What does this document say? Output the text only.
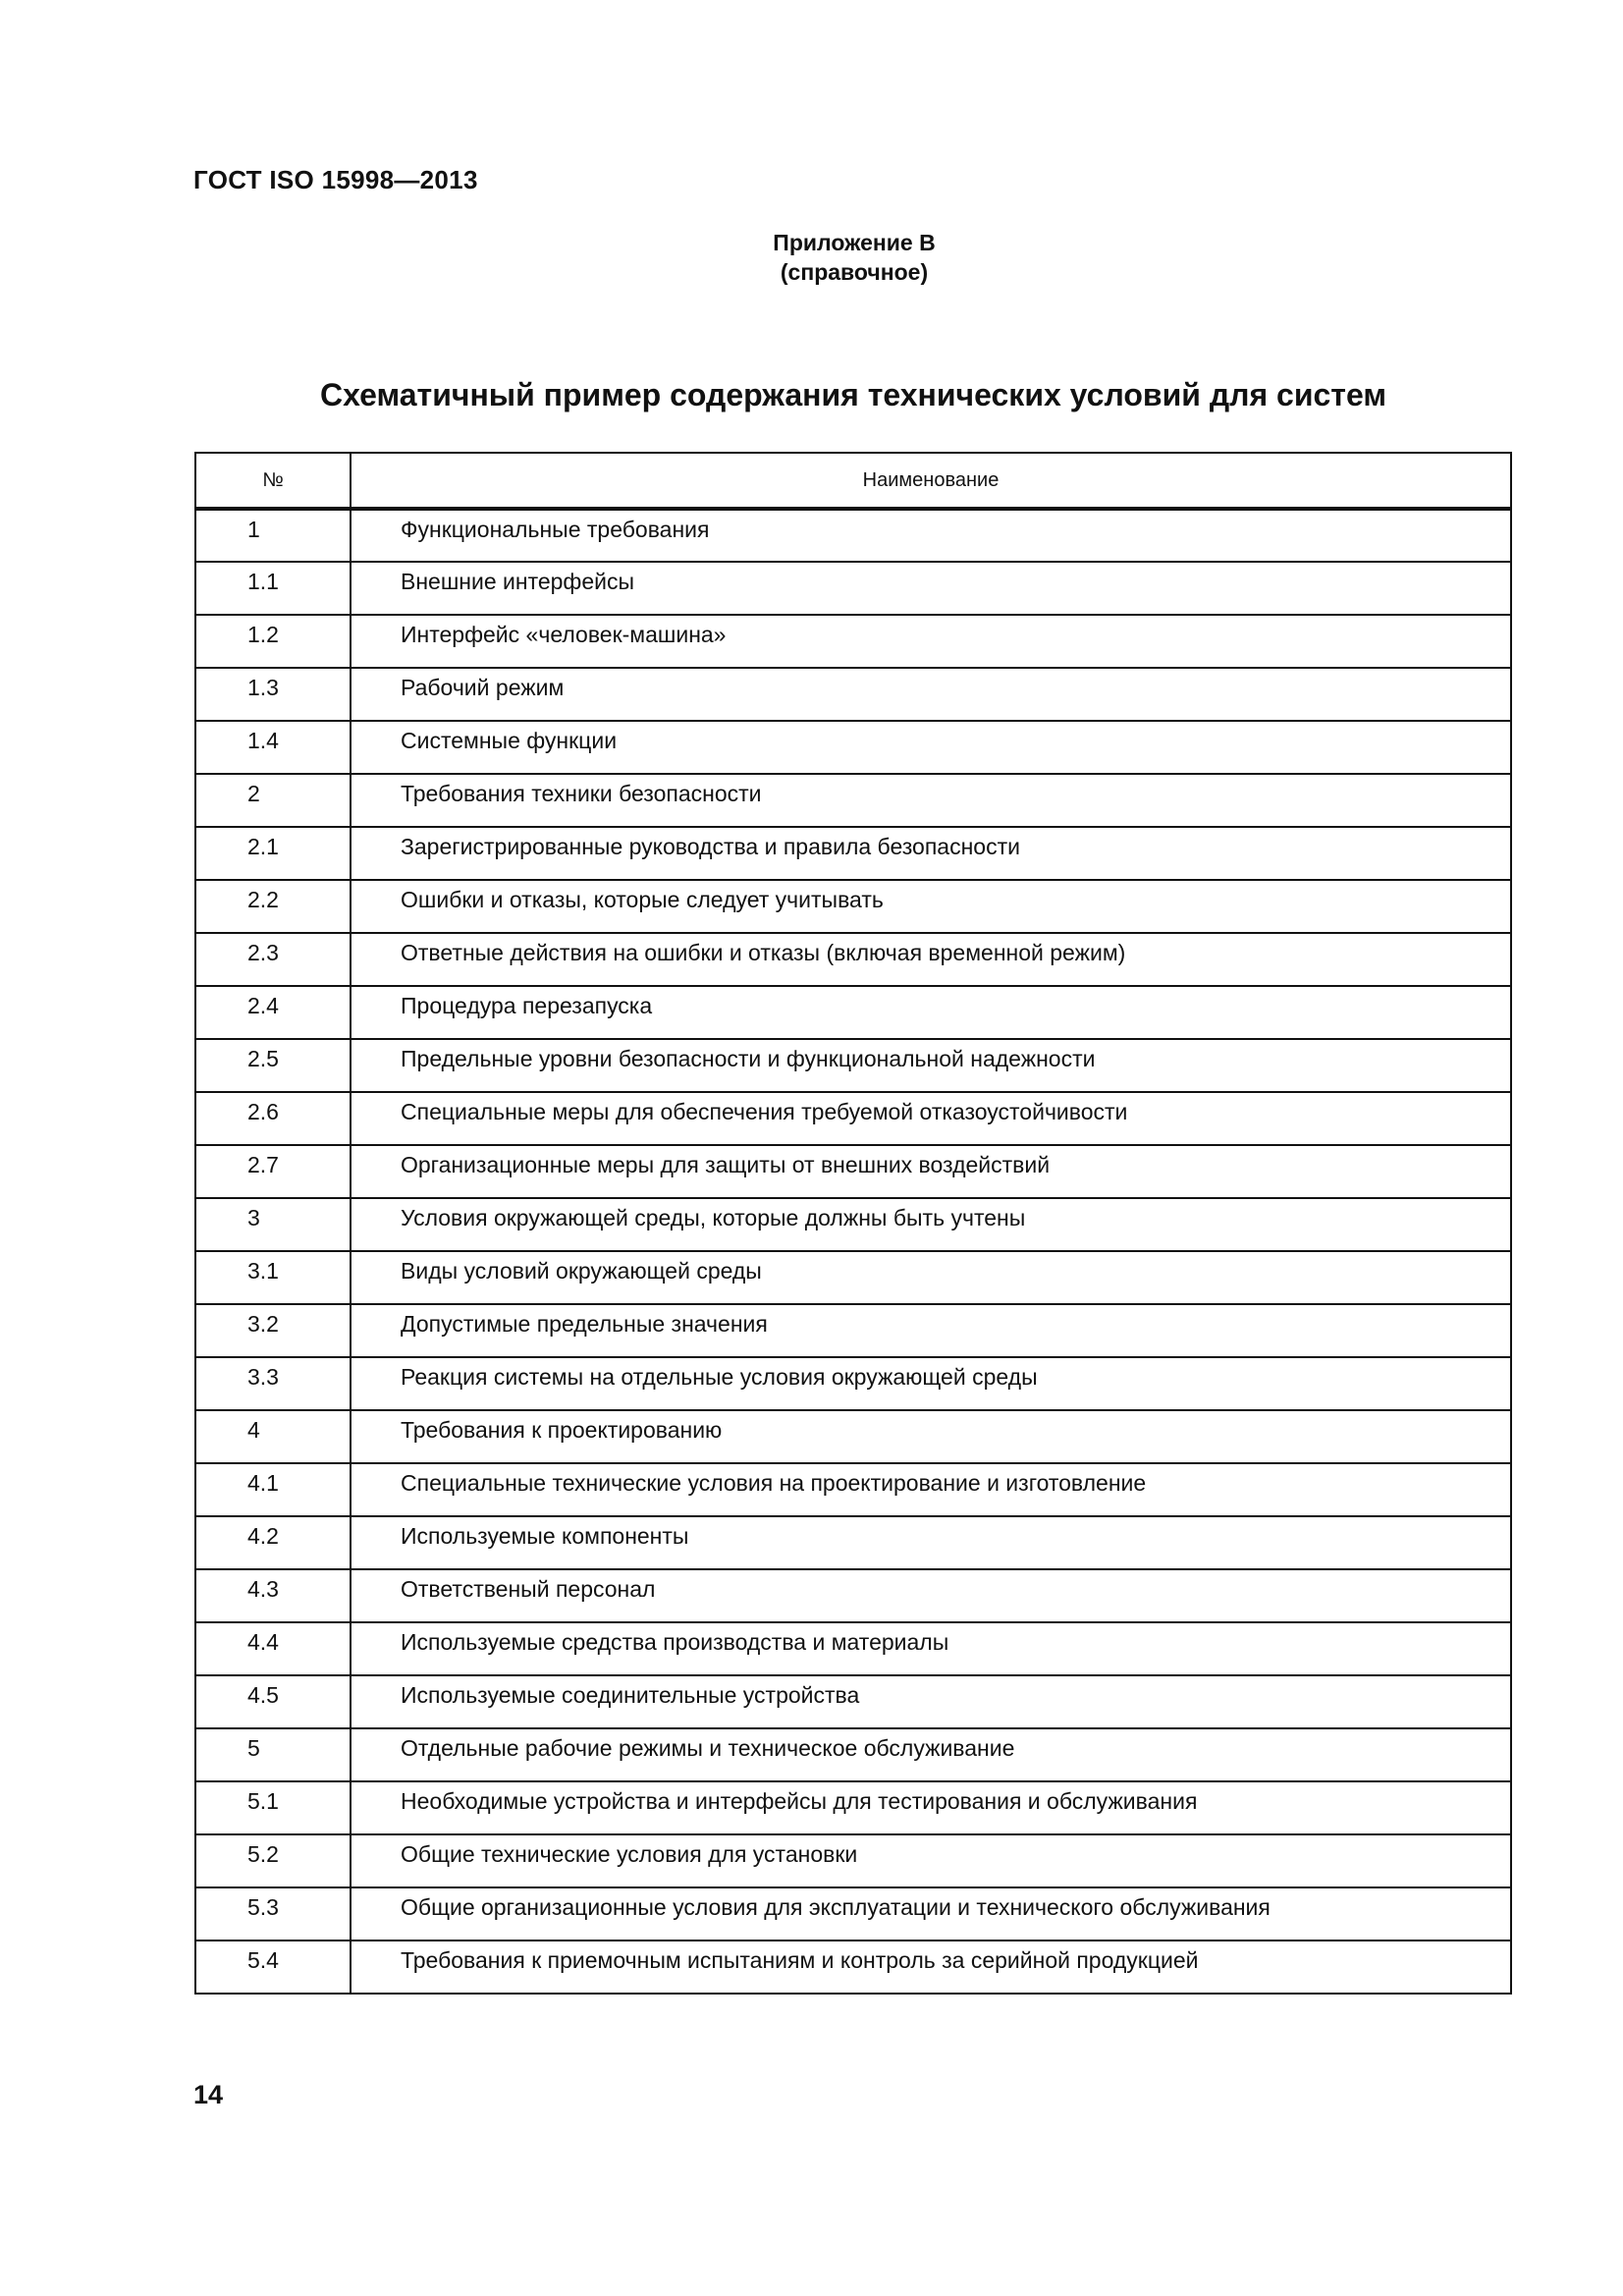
ГОСТ ISO 15998—2013
Приложение В
(справочное)
Схематичный пример содержания технических условий для систем
№	Наименование
1	Функциональные требования
1.1	Внешние интерфейсы
1.2	Интерфейс «человек-машина»
1.3	Рабочий режим
1.4	Системные функции
2	Требования техники безопасности
2.1	Зарегистрированные руководства и правила безопасности
2.2	Ошибки и отказы, которые следует учитывать
2.3	Ответные действия на ошибки и отказы (включая временной режим)
2.4	Процедура перезапуска
2.5	Предельные уровни безопасности и функциональной надежности
2.6	Специальные меры для обеспечения требуемой отказоустойчивости
2.7	Организационные меры для защиты от внешних воздействий
3	Условия окружающей среды, которые должны быть учтены
3.1	Виды условий окружающей среды
3.2	Допустимые предельные значения
3.3	Реакция системы на отдельные условия окружающей среды
4	Требования к проектированию
4.1	Специальные технические условия на проектирование и изготовление
4.2	Используемые компоненты
4.3	Ответственый персонал
4.4	Используемые средства производства и материалы
4.5	Используемые соединительные устройства
5	Отдельные рабочие режимы и техническое обслуживание
5.1	Необходимые устройства и интерфейсы для тестирования и обслуживания
5.2	Общие технические условия для установки
5.3	Общие организационные условия для эксплуатации и технического обслуживания
5.4	Требования к приемочным испытаниям и контроль за серийной продукцией
14
